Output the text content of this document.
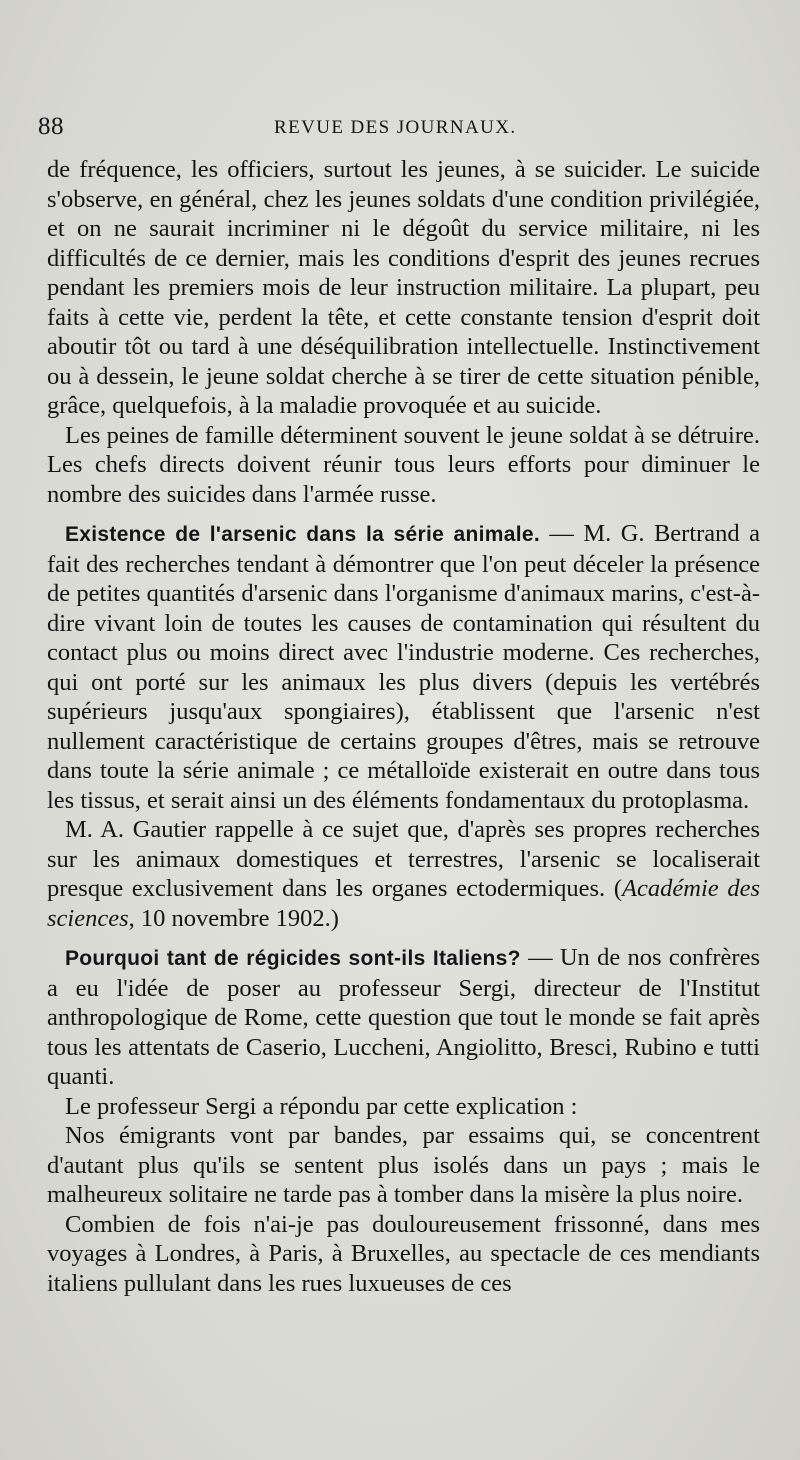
88	REVUE DES JOURNAUX.

de fréquence, les officiers, surtout les jeunes, à se suicider. Le suicide s'observe, en général, chez les jeunes soldats d'une condition privilégiée, et on ne saurait incriminer ni le dégoût du service militaire, ni les difficultés de ce dernier, mais les conditions d'esprit des jeunes recrues pendant les premiers mois de leur instruction militaire. La plupart, peu faits à cette vie, perdent la tête, et cette constante tension d'esprit doit aboutir tôt ou tard à une déséquilibration intellectuelle. Instinctivement ou à dessein, le jeune soldat cherche à se tirer de cette situation pénible, grâce, quelquefois, à la maladie provoquée et au suicide.

Les peines de famille déterminent souvent le jeune soldat à se détruire. Les chefs directs doivent réunir tous leurs efforts pour diminuer le nombre des suicides dans l'armée russe.

Existence de l'arsenic dans la série animale. — M. G. Bertrand a fait des recherches tendant à démontrer que l'on peut déceler la présence de petites quantités d'arsenic dans l'organisme d'animaux marins, c'est-à-dire vivant loin de toutes les causes de contamination qui résultent du contact plus ou moins direct avec l'industrie moderne. Ces recherches, qui ont porté sur les animaux les plus divers (depuis les vertébrés supérieurs jusqu'aux spongiaires), établissent que l'arsenic n'est nullement caractéristique de certains groupes d'êtres, mais se retrouve dans toute la série animale ; ce métalloïde existerait en outre dans tous les tissus, et serait ainsi un des éléments fondamentaux du protoplasma.

M. A. Gautier rappelle à ce sujet que, d'après ses propres recherches sur les animaux domestiques et terrestres, l'arsenic se localiserait presque exclusivement dans les organes ectodermiques. (Académie des sciences, 10 novembre 1902.)

Pourquoi tant de régicides sont-ils Italiens? — Un de nos confrères a eu l'idée de poser au professeur Sergi, directeur de l'Institut anthropologique de Rome, cette question que tout le monde se fait après tous les attentats de Caserio, Luccheni, Angiolitto, Bresci, Rubino e tutti quanti.

Le professeur Sergi a répondu par cette explication :

Nos émigrants vont par bandes, par essaims qui, se concentrent d'autant plus qu'ils se sentent plus isolés dans un pays ; mais le malheureux solitaire ne tarde pas à tomber dans la misère la plus noire.

Combien de fois n'ai-je pas douloureusement frissonné, dans mes voyages à Londres, à Paris, à Bruxelles, au spectacle de ces mendiants italiens pullulant dans les rues luxueuses de ces
